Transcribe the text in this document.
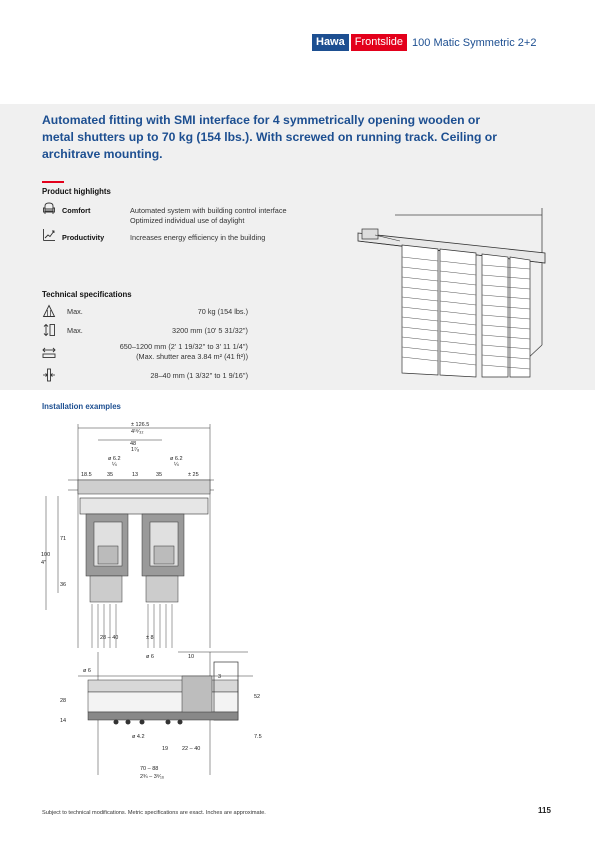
Hawa Frontslide 100 Matic Symmetric 2+2
Automated fitting with SMI interface for 4 symmetrically opening wooden or metal shutters up to 70 kg (154 lbs.). With screwed on running track. Ceiling or architrave mounting.
Product highlights
Comfort	Automated system with building control interface
Optimized individual use of daylight
Productivity	Increases energy efficiency in the building
Technical specifications
Max.	70 kg (154 lbs.)
Max.	3200 mm (10' 5 31/32'')
650–1200 mm (2' 1 19/32'' to 3' 11 1/4'')
(Max. shutter area 3.84 m² (41 ft²))
28–40 mm (1 3/32'' to 1 9/16'')
Installation examples
± 126.5
4¹⁶⁄₃₂
48
1⁷⁄₈
ø 6.2
¼
ø 6.2
¼
18.5	35	13	35	± 25
100
4″
71
36
28 – 40	± 8
ø 6
ø 6
10
3
52
28
14
7.5
ø 4.2
19	22 – 40
70 – 88
2¾ – 3⁶⁄₁₆
Subject to technical modifications. Metric specifications are exact. Inches are approximate.	115
